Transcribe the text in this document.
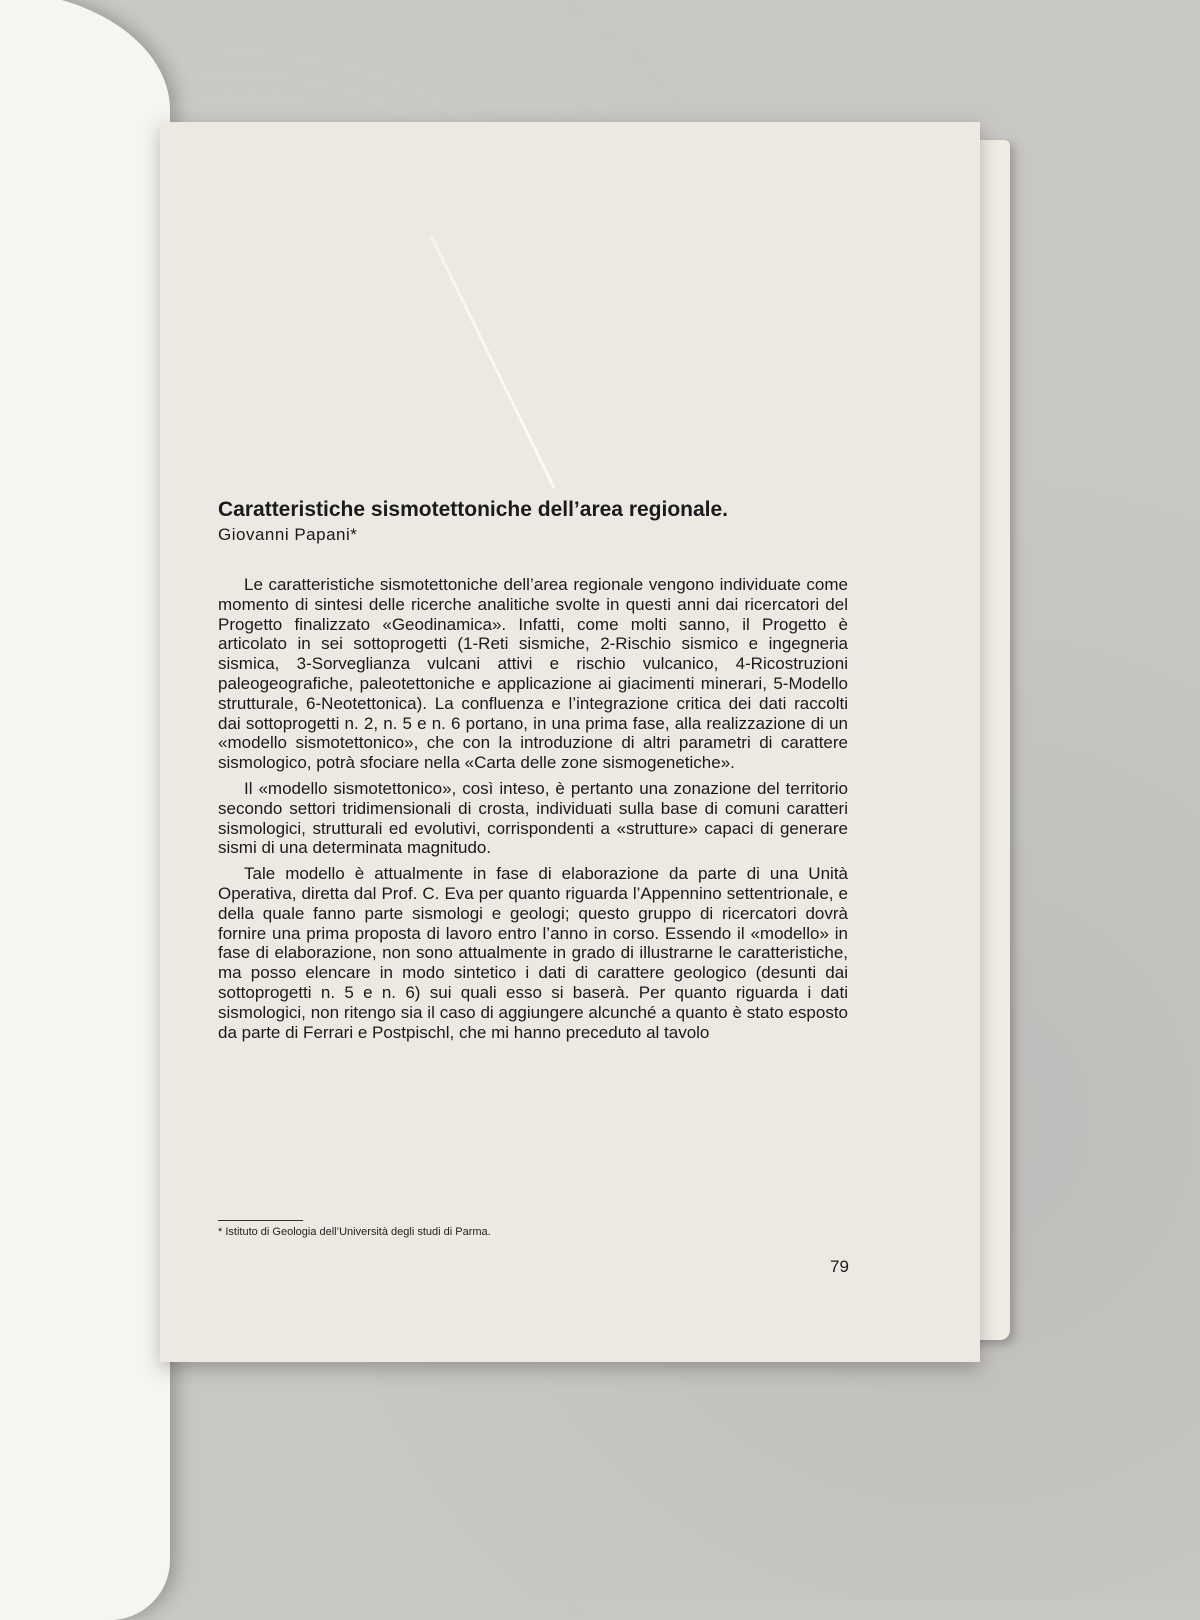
Caratteristiche sismotettoniche dell’area regionale.
Giovanni Papani*

Le caratteristiche sismotettoniche dell’area regionale vengono individuate come momento di sintesi delle ricerche analitiche svolte in questi anni dai ricercatori del Progetto finalizzato «Geodinamica». Infatti, come molti sanno, il Progetto è articolato in sei sottoprogetti (1-Reti sismiche, 2-Rischio sismico e ingegneria sismica, 3-Sorveglianza vulcani attivi e rischio vulcanico, 4-Ricostruzioni paleogeografiche, paleotettoniche e applicazione ai giacimenti minerari, 5-Modello strutturale, 6-Neotettonica). La confluenza e l’integrazione critica dei dati raccolti dai sottoprogetti n. 2, n. 5 e n. 6 portano, in una prima fase, alla realizzazione di un «modello sismotettonico», che con la introduzione di altri parametri di carattere sismologico, potrà sfociare nella «Carta delle zone sismogenetiche».

Il «modello sismotettonico», così inteso, è pertanto una zonazione del territorio secondo settori tridimensionali di crosta, individuati sulla base di comuni caratteri sismologici, strutturali ed evolutivi, corrispondenti a «strutture» capaci di generare sismi di una determinata magnitudo.

Tale modello è attualmente in fase di elaborazione da parte di una Unità Operativa, diretta dal Prof. C. Eva per quanto riguarda l’Appennino settentrionale, e della quale fanno parte sismologi e geologi; questo gruppo di ricercatori dovrà fornire una prima proposta di lavoro entro l’anno in corso. Essendo il «modello» in fase di elaborazione, non sono attualmente in grado di illustrarne le caratteristiche, ma posso elencare in modo sintetico i dati di carattere geologico (desunti dai sottoprogetti n. 5 e n. 6) sui quali esso si baserà. Per quanto riguarda i dati sismologici, non ritengo sia il caso di aggiungere alcunché a quanto è stato esposto da parte di Ferrari e Postpischl, che mi hanno preceduto al tavolo

* Istituto di Geologia dell’Università degli studi di Parma.
79
